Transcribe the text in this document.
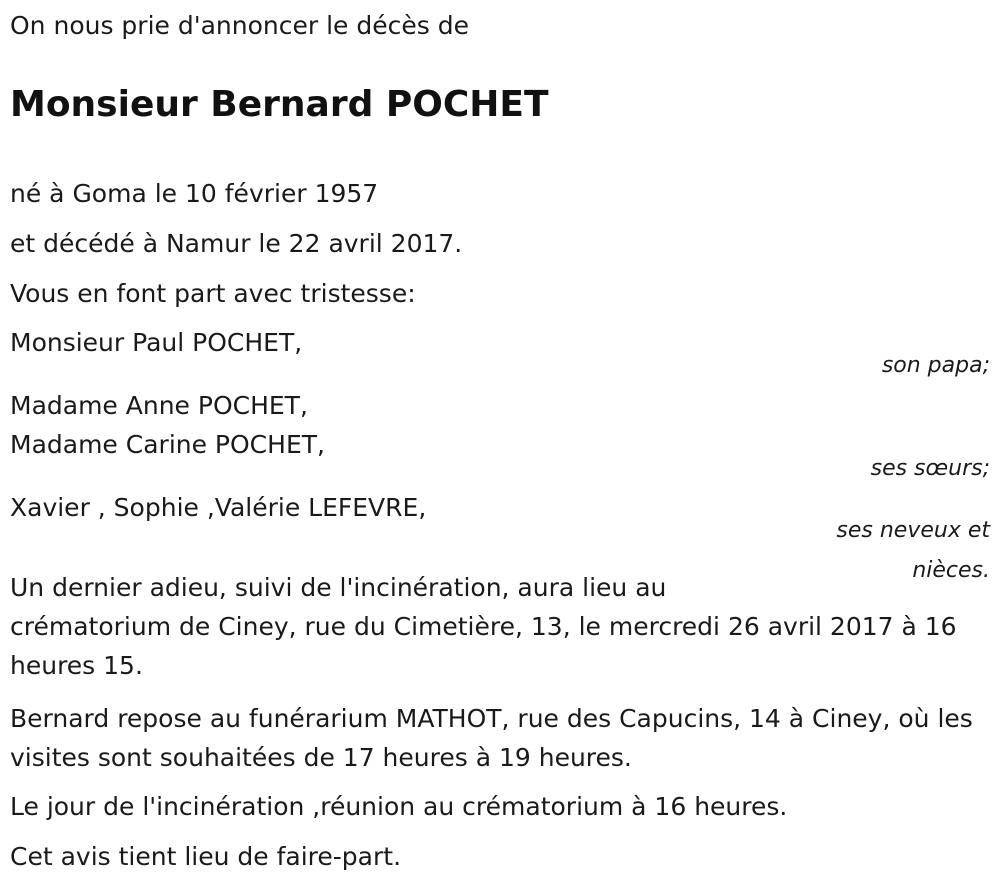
On nous prie d'annoncer le décès de
Monsieur Bernard POCHET
né à Goma le 10 février 1957
et décédé à Namur le 22 avril 2017.
Vous en font part avec tristesse:
Monsieur Paul POCHET,
son papa;
Madame Anne POCHET,
Madame Carine POCHET,
ses sœurs;
Xavier , Sophie ,Valérie LEFEVRE,
ses neveux et
nièces.
Un dernier adieu, suivi de l'incinération, aura lieu au
crématorium de Ciney, rue du Cimetière, 13, le mercredi 26 avril 2017 à 16 heures 15.
Bernard repose au funérarium MATHOT, rue des Capucins, 14 à Ciney, où les visites sont souhaitées de 17 heures à 19 heures.
Le jour de l'incinération ,réunion au crématorium à 16 heures.
Cet avis tient lieu de faire-part.
